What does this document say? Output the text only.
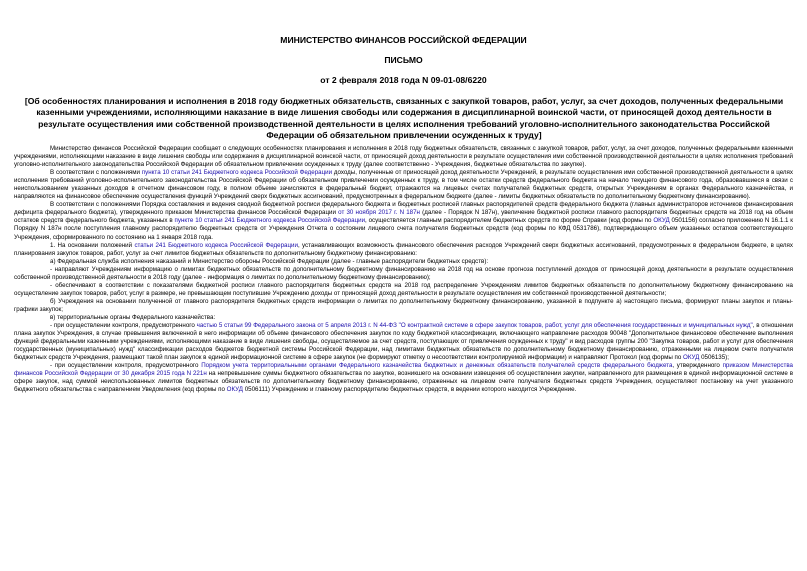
МИНИСТЕРСТВО ФИНАНСОВ РОССИЙСКОЙ ФЕДЕРАЦИИ
ПИСЬМО
от 2 февраля 2018 года N 09-01-08/6220
[Об особенностях планирования и исполнения в 2018 году бюджетных обязательств, связанных с закупкой товаров, работ, услуг, за счет доходов, полученных федеральными казенными учреждениями, исполняющими наказание в виде лишения свободы или содержания в дисциплинарной воинской части, от приносящей доход деятельности в результате осуществления ими собственной производственной деятельности в целях исполнения требований уголовно-исполнительного законодательства Российской Федерации об обязательном привлечении осужденных к труду]

Министерство финансов Российской Федерации сообщает о следующих особенностях планирования и исполнения в 2018 году бюджетных обязательств, связанных с закупкой товаров, работ, услуг, за счет доходов, полученных федеральными казенными учреждениями, исполняющими наказание в виде лишения свободы или содержания в дисциплинарной воинской части, от приносящей доход деятельности в результате осуществления ими собственной производственной деятельности в целях исполнения требований уголовно-исполнительного законодательства Российской Федерации об обязательном привлечении осужденных к труду (далее соответственно - Учреждения, бюджетные обязательства по закупке).

В соответствии с положениями пункта 10 статьи 241 Бюджетного кодекса Российской Федерации доходы, полученные от приносящей доход деятельности Учреждений, в результате осуществления ими собственной производственной деятельности в целях исполнения требований уголовно-исполнительного законодательства Российской Федерации об обязательном привлечении осужденных к труду, в том числе остатки средств федерального бюджета на начало текущего финансового года, образовавшиеся в связи с неиспользованием указанных доходов в отчетном финансовом году, в полном объеме зачисляются в федеральный бюджет, отражаются на лицевых счетах получателей бюджетных средств, открытых Учреждениям в органах Федерального казначейства, и направляются на финансовое обеспечение осуществления функций Учреждений сверх бюджетных ассигнований, предусмотренных в федеральном бюджете (далее - лимиты бюджетных обязательств по дополнительному бюджетному финансированию).

В соответствии с положениями Порядка составления и ведения сводной бюджетной росписи федерального бюджета и бюджетных росписей главных распорядителей средств федерального бюджета (главных администраторов источников финансирования дефицита федерального бюджета), утвержденного приказом Министерства финансов Российской Федерации от 30 ноября 2017 г. N 187н (далее - Порядок N 187н), увеличение бюджетной росписи главного распорядителя бюджетных средств на 2018 год на объем остатков средств федерального бюджета, указанных в пункте 10 статьи 241 Бюджетного кодекса Российской Федерации, осуществляется главным распорядителем бюджетных средств по форме Справки (код формы по ОКУД 0501156) согласно приложению N 16.1.1 к Порядку N 187н после поступления главному распорядителю бюджетных средств от Учреждения Отчета о состоянии лицевого счета получателя бюджетных средств (код формы по КФД 0531786), подтверждающего объем указанных остатков соответствующего Учреждения, сформированного по состоянию на 1 января 2018 года.

1. На основании положений статьи 241 Бюджетного кодекса Российской Федерации, устанавливающих возможность финансового обеспечения расходов Учреждений сверх бюджетных ассигнований, предусмотренных в федеральном бюджете, в целях планирования закупок товаров, работ, услуг за счет лимитов бюджетных обязательств по дополнительному бюджетному финансированию:

а) Федеральная служба исполнения наказаний и Министерство обороны Российской Федерации (далее - главные распорядители бюджетных средств):

- направляют Учреждениям информацию о лимитах бюджетных обязательств по дополнительному бюджетному финансированию на 2018 год на основе прогноза поступлений доходов от приносящей доход деятельности в результате осуществления собственной производственной деятельности в 2018 году (далее - информация о лимитах по дополнительному бюджетному финансированию);

- обеспечивают в соответствии с показателями бюджетной росписи главного распорядителя бюджетных средств на 2018 год распределение Учреждениям лимитов бюджетных обязательств по дополнительному бюджетному финансированию на осуществление закупок товаров, работ, услуг в размере, не превышающем поступившие Учреждению доходы от приносящей доход деятельности в результате осуществления им собственной производственной деятельности;

б) Учреждения на основании полученной от главного распорядителя бюджетных средств информации о лимитах по дополнительному бюджетному финансированию, указанной в подпункте а) настоящего письма, формируют планы закупок и планы-графики закупок;

в) территориальные органы Федерального казначейства:

- при осуществлении контроля, предусмотренного частью 5 статьи 99 Федерального закона от 5 апреля 2013 г. N 44-ФЗ "О контрактной системе в сфере закупок товаров, работ, услуг для обеспечения государственных и муниципальных нужд", в отношении плана закупок Учреждения, в случае превышения включенной в него информации об объеме финансового обеспечения закупок по коду бюджетной классификации, включающего направление расходов 90048 "Дополнительное финансовое обеспечение выполнения функций федеральными казенными учреждениями, исполняющими наказание в виде лишения свободы, осуществляемое за счет средств, поступающих от привлечения осужденных к труду" и вид расходов группы 200 "Закупка товаров, работ и услуг для обеспечения государственных (муниципальных) нужд" классификации расходов бюджетов бюджетной системы Российской Федерации, над лимитами бюджетных обязательств по дополнительному бюджетному финансированию, отраженными на лицевом счете получателя бюджетных средств Учреждения, размещают такой план закупок в единой информационной системе в сфере закупок (не формируют отметку о несоответствии контролируемой информации) и направляют Протокол (код формы по ОКУД 0506135);

- при осуществлении контроля, предусмотренного Порядком учета территориальными органами Федерального казначейства бюджетных и денежных обязательств получателей средств федерального бюджета, утвержденного приказом Министерства финансов Российской Федерации от 30 декабря 2015 года N 221н на непревышение суммы бюджетного обязательства по закупке, возникшего на основании извещения об осуществлении закупки, направленного для размещения в единой информационной системе в сфере закупок, над суммой неиспользованных лимитов бюджетных обязательств по дополнительному бюджетному финансированию, отраженных на лицевом счете получателя бюджетных средств Учреждения, осуществляют постановку на учет указанного бюджетного обязательства с направлением Уведомления (код формы по ОКУД 0506111) Учреждению и главному распорядителю бюджетных средств, в ведении которого находится Учреждение.
